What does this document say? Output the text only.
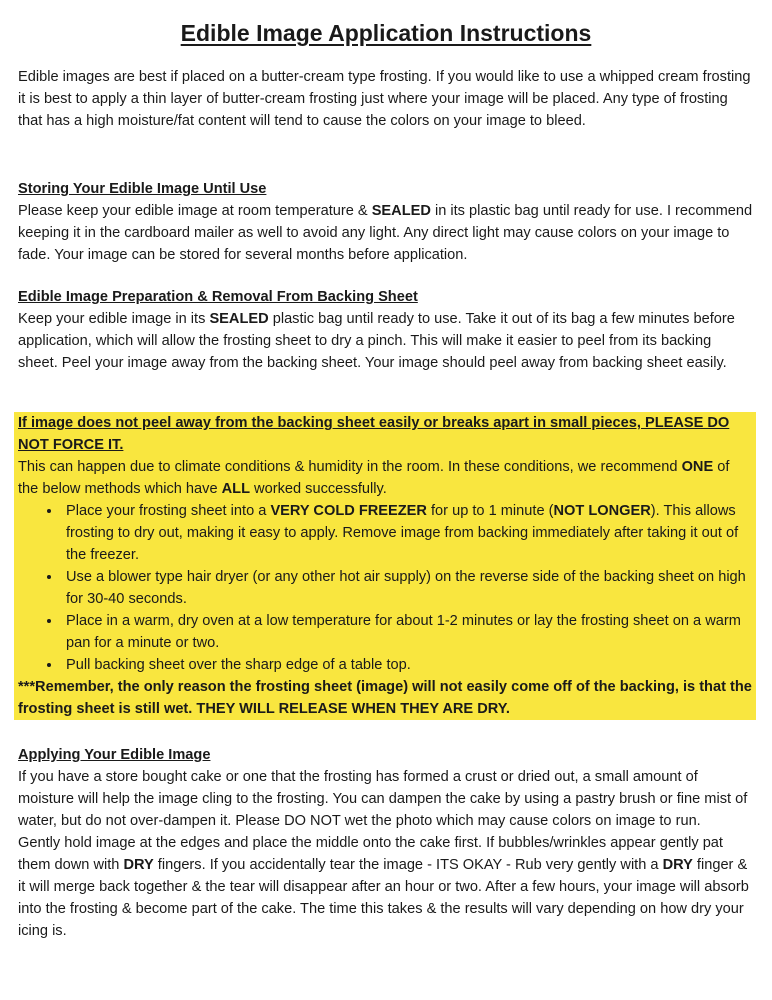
Edible Image Application Instructions
Edible images are best if placed on a butter-cream type frosting. If you would like to use a whipped cream frosting it is best to apply a thin layer of butter-cream frosting just where your image will be placed. Any type of frosting that has a high moisture/fat content will tend to cause the colors on your image to bleed.
Storing Your Edible Image Until Use
Please keep your edible image at room temperature & SEALED in its plastic bag until ready for use. I recommend keeping it in the cardboard mailer as well to avoid any light. Any direct light may cause colors on your image to fade. Your image can be stored for several months before application.
Edible Image Preparation & Removal From Backing Sheet
Keep your edible image in its SEALED plastic bag until ready to use. Take it out of its bag a few minutes before application, which will allow the frosting sheet to dry a pinch. This will make it easier to peel from its backing sheet. Peel your image away from the backing sheet. Your image should peel away from backing sheet easily.
If image does not peel away from the backing sheet easily or breaks apart in small pieces, PLEASE DO NOT FORCE IT.
This can happen due to climate conditions & humidity in the room. In these conditions, we recommend ONE of the below methods which have ALL worked successfully.
• Place your frosting sheet into a VERY COLD FREEZER for up to 1 minute (NOT LONGER). This allows frosting to dry out, making it easy to apply. Remove image from backing immediately after taking it out of the freezer.
• Use a blower type hair dryer (or any other hot air supply) on the reverse side of the backing sheet on high for 30-40 seconds.
• Place in a warm, dry oven at a low temperature for about 1-2 minutes or lay the frosting sheet on a warm pan for a minute or two.
• Pull backing sheet over the sharp edge of a table top.
***Remember, the only reason the frosting sheet (image) will not easily come off of the backing, is that the frosting sheet is still wet. THEY WILL RELEASE WHEN THEY ARE DRY.
Applying Your Edible Image
If you have a store bought cake or one that the frosting has formed a crust or dried out, a small amount of moisture will help the image cling to the frosting. You can dampen the cake by using a pastry brush or fine mist of water, but do not over-dampen it. Please DO NOT wet the photo which may cause colors on image to run.
Gently hold image at the edges and place the middle onto the cake first. If bubbles/wrinkles appear gently pat them down with DRY fingers. If you accidentally tear the image - ITS OKAY - Rub very gently with a DRY finger & it will merge back together & the tear will disappear after an hour or two. After a few hours, your image will absorb into the frosting & become part of the cake. The time this takes & the results will vary depending on how dry your icing is.
